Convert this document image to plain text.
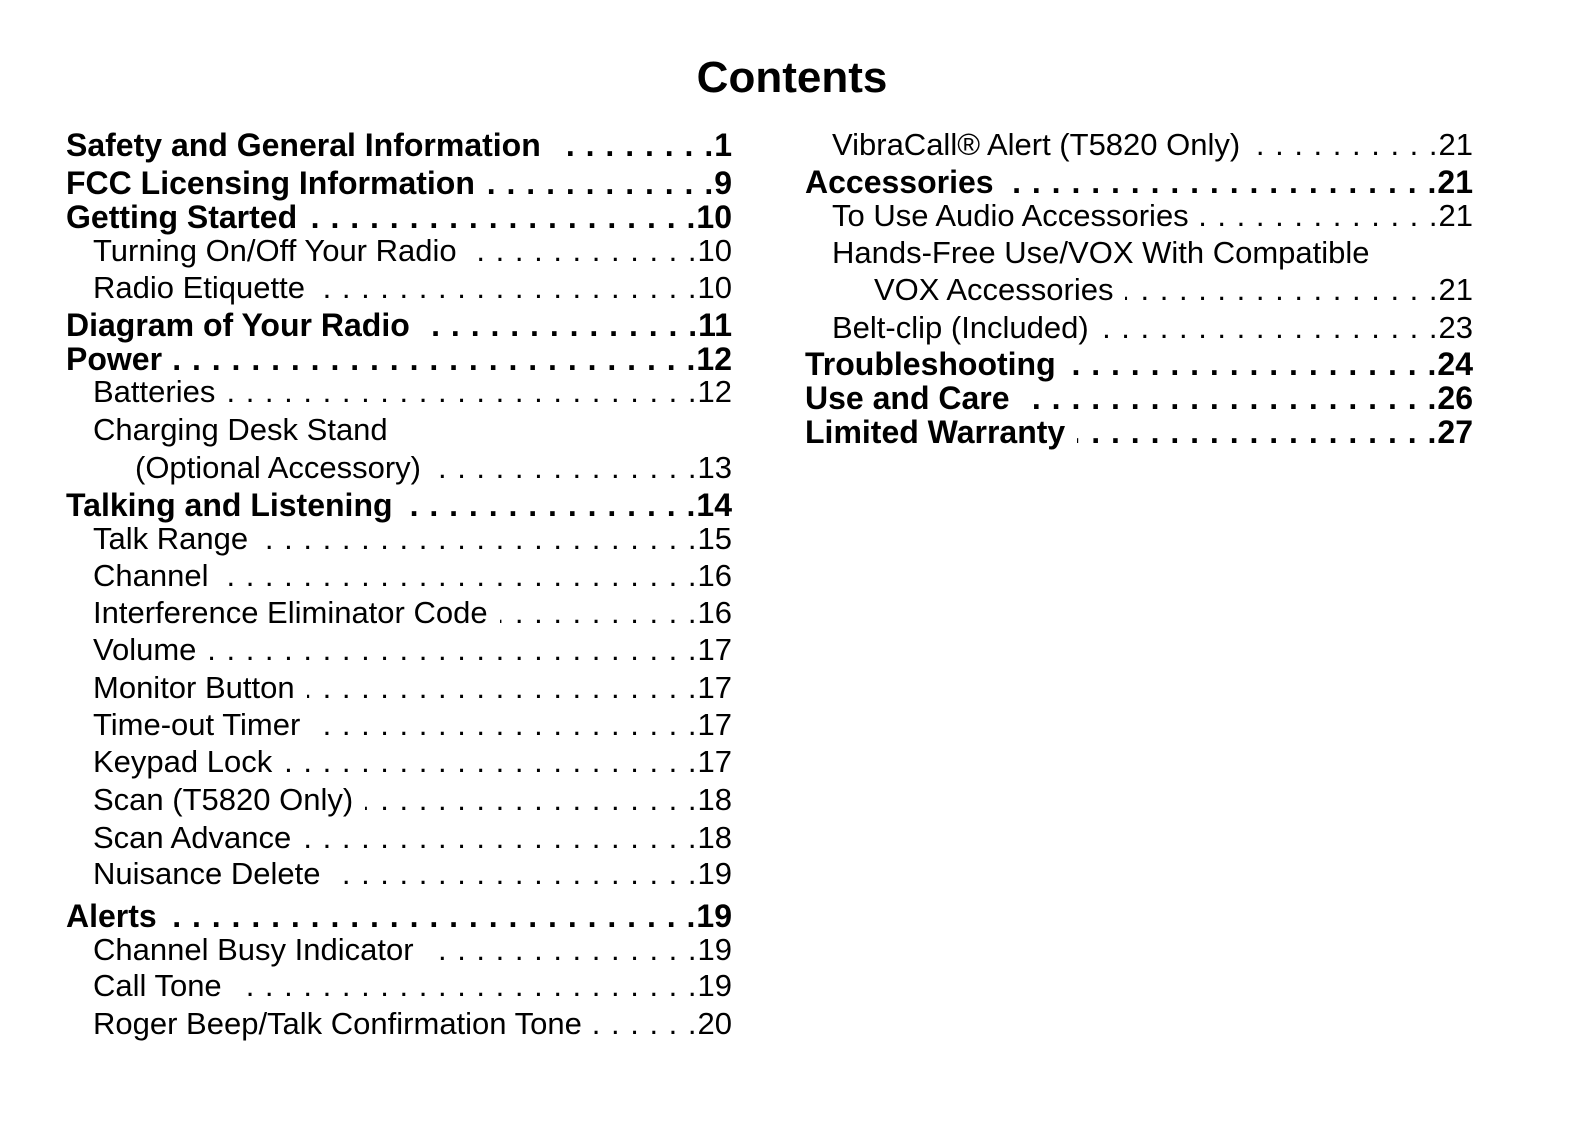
Contents
Safety and General Information . . .	1
FCC Licensing Information . . .	9
Getting Started . . .	10
Turning On/Off Your Radio . . .	10
Radio Etiquette . . .	10
Diagram of Your Radio . . .	11
Power . . .	12
Batteries . . .	12
Charging Desk Stand
(Optional Accessory) . . .	13
Talking and Listening . . .	14
Talk Range . . .	15
Channel . . .	16
Interference Eliminator Code . . .	16
Volume . . .	17
Monitor Button . . .	17
Time-out Timer . . .	17
Keypad Lock . . .	17
Scan (T5820 Only) . . .	18
Scan Advance . . .	18
Nuisance Delete . . .	19
Alerts . . .	19
Channel Busy Indicator . . .	19
Call Tone . . .	19
Roger Beep/Talk Confirmation Tone . . .	20
VibraCall® Alert (T5820 Only) . . .	21
Accessories . . .	21
To Use Audio Accessories . . .	21
Hands-Free Use/VOX With Compatible
VOX Accessories . . .	21
Belt-clip (Included) . . .	23
Troubleshooting . . .	24
Use and Care . . .	26
Limited Warranty . . .	27
